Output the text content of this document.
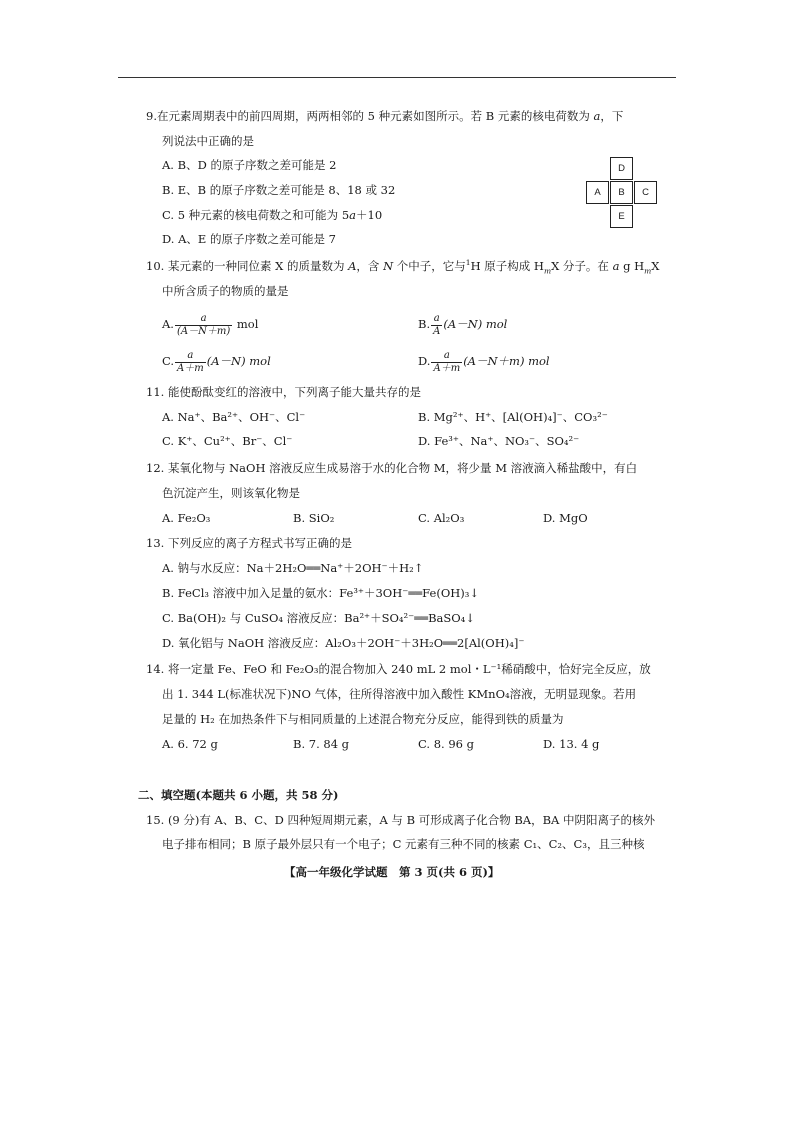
9.在元素周期表中的前四周期，两两相邻的 5 种元素如图所示。若 B 元素的核电荷数为 a，下
列说法中正确的是
A. B、D 的原子序数之差可能是 2
B. E、B 的原子序数之差可能是 8、18 或 32
C. 5 种元素的核电荷数之和可能为 5a＋10
D. A、E 的原子序数之差可能是 7
D
A	B	C
E
10. 某元素的一种同位素 X 的质量数为 A，含 N 个中子，它与$^1$H 原子构成 $H_mX$ 分子。在 a g $H_mX$
中所含质子的物质的量是
A. $\frac{a}{(A-N+m)}$ mol	B. $\frac{a}{A} (A-N)$ mol
C. $\frac{a}{A+m} (A-N)$ mol	D. $\frac{a}{A+m} (A-N+m)$ mol
11. 能使酚酞变红的溶液中，下列离子能大量共存的是
A. Na⁺、Ba²⁺、OH⁻、Cl⁻	B. Mg²⁺、H⁺、[Al(OH)₄]⁻、CO₃²⁻
C. K⁺、Cu²⁺、Br⁻、Cl⁻	D. Fe³⁺、Na⁺、NO₃⁻、SO₄²⁻
12. 某氧化物与 NaOH 溶液反应生成易溶于水的化合物 M，将少量 M 溶液滴入稀盐酸中，有白
色沉淀产生，则该氧化物是
A. Fe₂O₃	B. SiO₂	C. Al₂O₃	D. MgO
13. 下列反应的离子方程式书写正确的是
A. 钠与水反应：Na＋2H₂O══Na⁺＋2OH⁻＋H₂↑
B. FeCl₃ 溶液中加入足量的氨水：Fe³⁺＋3OH⁻══Fe(OH)₃↓
C. Ba(OH)₂ 与 CuSO₄ 溶液反应：Ba²⁺＋SO₄²⁻══BaSO₄↓
D. 氧化铝与 NaOH 溶液反应：Al₂O₃＋2OH⁻＋3H₂O══2[Al(OH)₄]⁻
14. 将一定量 Fe、FeO 和 Fe₂O₃的混合物加入 240 mL 2 mol・L⁻¹稀硝酸中，恰好完全反应，放
出 1. 344 L(标准状况下)NO 气体，往所得溶液中加入酸性 KMnO₄溶液，无明显现象。若用
足量的 H₂ 在加热条件下与相同质量的上述混合物充分反应，能得到铁的质量为
A. 6. 72 g	B. 7. 84 g	C. 8. 96 g	D. 13. 4 g
二、填空题(本题共 6 小题，共 58 分)
15. (9 分)有 A、B、C、D 四种短周期元素，A 与 B 可形成离子化合物 BA，BA 中阴阳离子的核外
电子排布相同；B 原子最外层只有一个电子；C 元素有三种不同的核素 C₁、C₂、C₃，且三种核
【高一年级化学试题　第 3 页(共 6 页)】
